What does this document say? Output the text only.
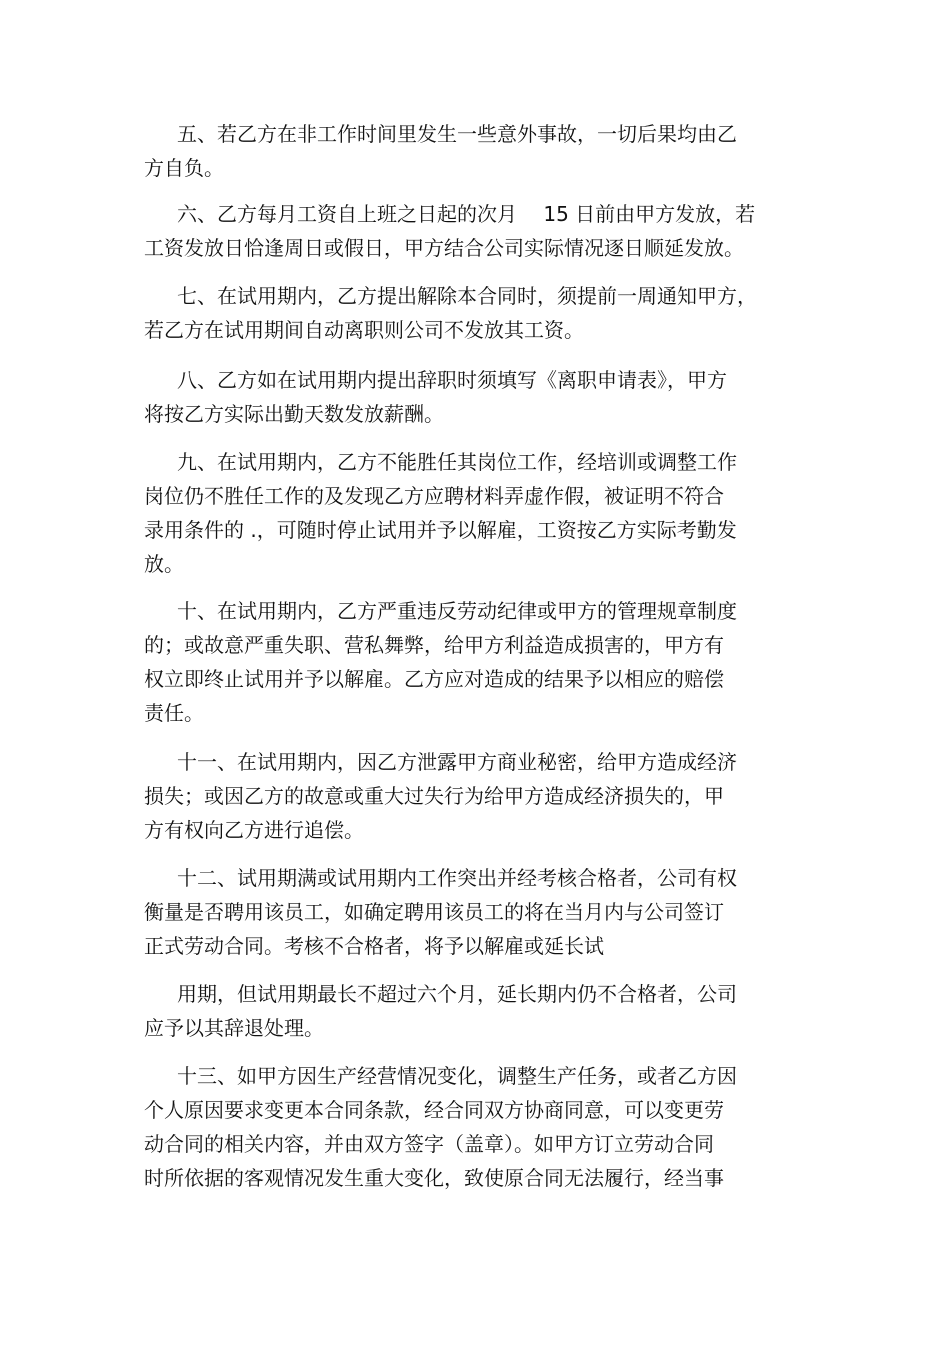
五、若乙方在非工作时间里发生一些意外事故，一切后果均由乙
方自负。
六、乙方每月工资自上班之日起的次月　 15 日前由甲方发放，若
工资发放日恰逢周日或假日，甲方结合公司实际情况逐日顺延发放。
七、在试用期内，乙方提出解除本合同时，须提前一周通知甲方，
若乙方在试用期间自动离职则公司不发放其工资。
八、乙方如在试用期内提出辞职时须填写《离职申请表》，甲方
将按乙方实际出勤天数发放薪酬。
九、在试用期内，乙方不能胜任其岗位工作，经培训或调整工作
岗位仍不胜任工作的及发现乙方应聘材料弄虚作假，被证明不符合
录用条件的 .，可随时停止试用并予以解雇，工资按乙方实际考勤发
放。
十、在试用期内，乙方严重违反劳动纪律或甲方的管理规章制度
的；或故意严重失职、营私舞弊，给甲方利益造成损害的，甲方有
权立即终止试用并予以解雇。乙方应对造成的结果予以相应的赔偿
责任。
十一、在试用期内，因乙方泄露甲方商业秘密，给甲方造成经济
损失；或因乙方的故意或重大过失行为给甲方造成经济损失的，甲
方有权向乙方进行追偿。
十二、试用期满或试用期内工作突出并经考核合格者，公司有权
衡量是否聘用该员工，如确定聘用该员工的将在当月内与公司签订
正式劳动合同。考核不合格者，将予以解雇或延长试
用期，但试用期最长不超过六个月，延长期内仍不合格者，公司
应予以其辞退处理。
十三、如甲方因生产经营情况变化，调整生产任务，或者乙方因
个人原因要求变更本合同条款，经合同双方协商同意，可以变更劳
动合同的相关内容，并由双方签字（盖章）。如甲方订立劳动合同
时所依据的客观情况发生重大变化，致使原合同无法履行，经当事
